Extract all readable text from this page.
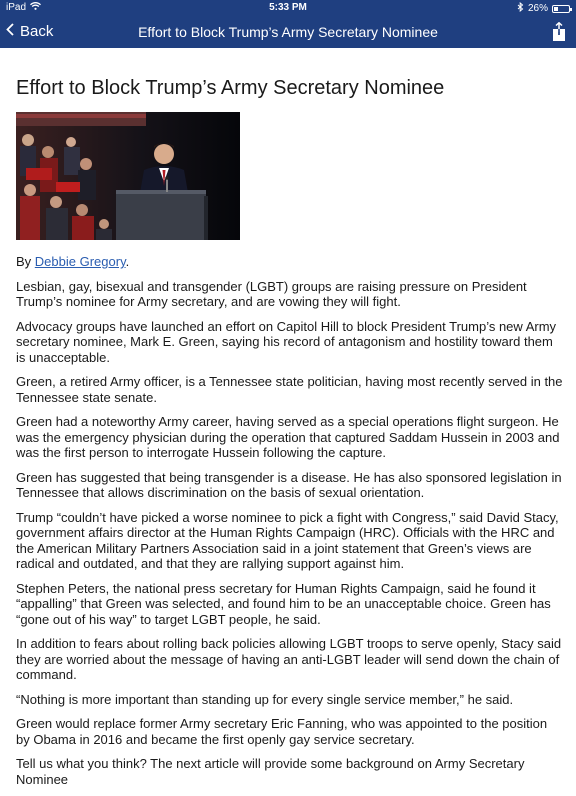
iPad	5:33 PM	26%
Back	Effort to Block Trump’s Army Secretary Nominee
Effort to Block Trump’s Army Secretary Nominee

By Debbie Gregory.

Lesbian, gay, bisexual and transgender (LGBT) groups are raising pressure on President Trump’s nominee for Army secretary, and are vowing they will fight.

Advocacy groups have launched an effort on Capitol Hill to block President Trump’s new Army secretary nominee, Mark E. Green, saying his record of antagonism and hostility toward them is unacceptable.

Green, a retired Army officer, is a Tennessee state politician, having most recently served in the Tennessee state senate.

Green had a noteworthy Army career, having served as a special operations flight surgeon. He was the emergency physician during the operation that captured Saddam Hussein in 2003 and was the first person to interrogate Hussein following the capture.

Green has suggested that being transgender is a disease. He has also sponsored legislation in Tennessee that allows discrimination on the basis of sexual orientation.

Trump “couldn’t have picked a worse nominee to pick a fight with Congress,” said David Stacy, government affairs director at the Human Rights Campaign (HRC). Officials with the HRC and the American Military Partners Association said in a joint statement that Green’s views are radical and outdated, and that they are rallying support against him.

Stephen Peters, the national press secretary for Human Rights Campaign, said he found it “appalling” that Green was selected, and found him to be an unacceptable choice. Green has “gone out of his way” to target LGBT people, he said.

In addition to fears about rolling back policies allowing LGBT troops to serve openly, Stacy said they are worried about the message of having an anti-LGBT leader will send down the chain of command.

“Nothing is more important than standing up for every single service member,” he said.

Green would replace former Army secretary Eric Fanning, who was appointed to the position by Obama in 2016 and became the first openly gay service secretary.

Tell us what you think? The next article will provide some background on Army Secretary Nominee
